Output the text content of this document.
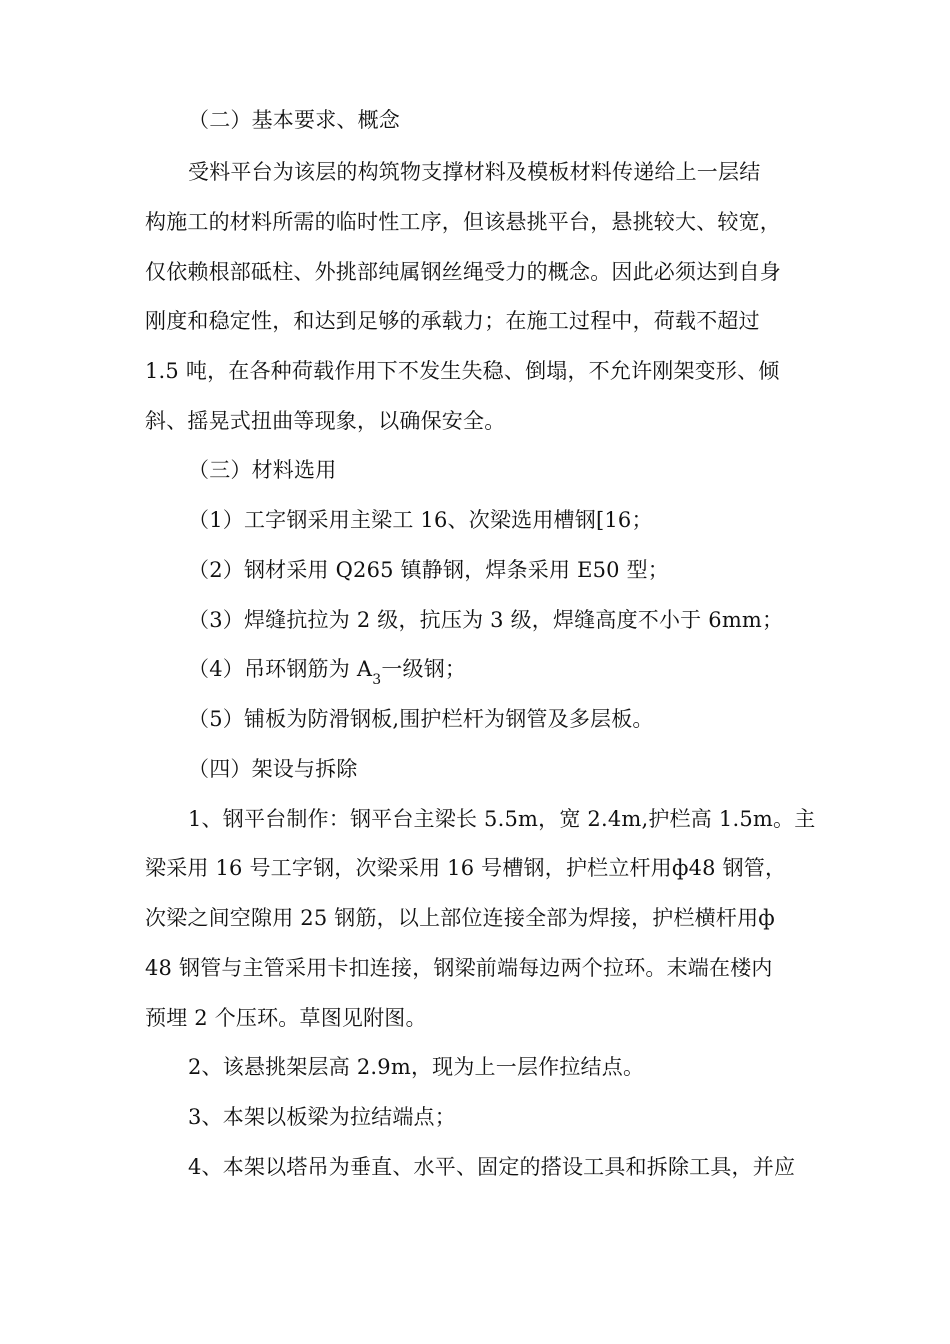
（二）基本要求、概念
受料平台为该层的构筑物支撑材料及模板材料传递给上一层结
构施工的材料所需的临时性工序，但该悬挑平台，悬挑较大、较宽，
仅依赖根部砥柱、外挑部纯属钢丝绳受力的概念。因此必须达到自身
刚度和稳定性，和达到足够的承载力；在施工过程中，荷载不超过
1.5 吨，在各种荷载作用下不发生失稳、倒塌，不允许刚架变形、倾
斜、摇晃式扭曲等现象，以确保安全。
（三）材料选用
（1）工字钢采用主梁工 16、次梁选用槽钢[16；
（2）钢材采用 Q265 镇静钢，焊条采用 E50 型；
（3）焊缝抗拉为 2 级，抗压为 3 级，焊缝高度不小于 6mm；
（4）吊环钢筋为 $A_3$一级钢；
（5）铺板为防滑钢板,围护栏杆为钢管及多层板。
（四）架设与拆除
1、钢平台制作：钢平台主梁长 5.5m，宽 2.4m,护栏高 1.5m。主
梁采用 16 号工字钢，次梁采用 16 号槽钢，护栏立杆用ф48 钢管，
次梁之间空隙用 25 钢筋，以上部位连接全部为焊接，护栏横杆用ф
48 钢管与主管采用卡扣连接，钢梁前端每边两个拉环。末端在楼内
预埋 2 个压环。草图见附图。
2、该悬挑架层高 2.9m，现为上一层作拉结点。
3、本架以板梁为拉结端点；
4、本架以塔吊为垂直、水平、固定的搭设工具和拆除工具，并应
